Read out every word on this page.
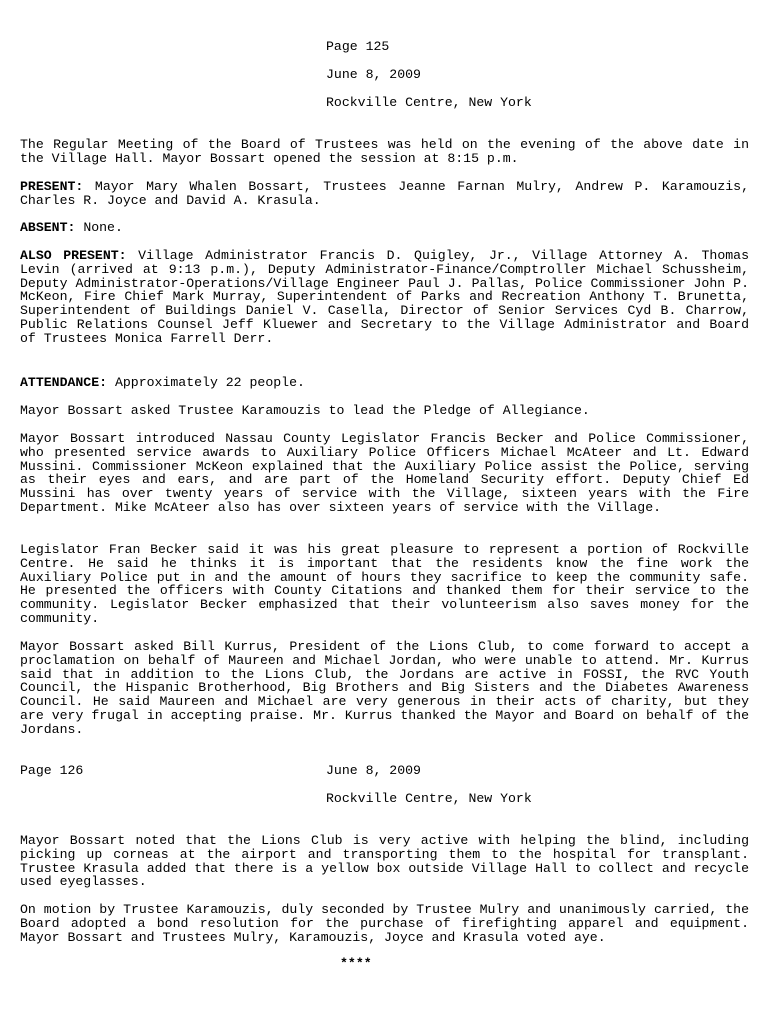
Page 125
June 8, 2009
Rockville Centre, New York

The Regular Meeting of the Board of Trustees was held on the evening of the above date in the Village Hall. Mayor Bossart opened the session at 8:15 p.m.

PRESENT: Mayor Mary Whalen Bossart, Trustees Jeanne Farnan Mulry, Andrew P. Karamouzis, Charles R. Joyce and David A. Krasula.

ABSENT: None.

ALSO PRESENT: Village Administrator Francis D. Quigley, Jr., Village Attorney A. Thomas Levin (arrived at 9:13 p.m.), Deputy Administrator-Finance/Comptroller Michael Schussheim, Deputy Administrator-Operations/Village Engineer Paul J. Pallas, Police Commissioner John P. McKeon, Fire Chief Mark Murray, Superintendent of Parks and Recreation Anthony T. Brunetta, Superintendent of Buildings Daniel V. Casella, Director of Senior Services Cyd B. Charrow, Public Relations Counsel Jeff Kluewer and Secretary to the Village Administrator and Board of Trustees Monica Farrell Derr.

ATTENDANCE: Approximately 22 people.

Mayor Bossart asked Trustee Karamouzis to lead the Pledge of Allegiance.

Mayor Bossart introduced Nassau County Legislator Francis Becker and Police Commissioner, who presented service awards to Auxiliary Police Officers Michael McAteer and Lt. Edward Mussini. Commissioner McKeon explained that the Auxiliary Police assist the Police, serving as their eyes and ears, and are part of the Homeland Security effort. Deputy Chief Ed Mussini has over twenty years of service with the Village, sixteen years with the Fire Department. Mike McAteer also has over sixteen years of service with the Village.

Legislator Fran Becker said it was his great pleasure to represent a portion of Rockville Centre. He said he thinks it is important that the residents know the fine work the Auxiliary Police put in and the amount of hours they sacrifice to keep the community safe. He presented the officers with County Citations and thanked them for their service to the community. Legislator Becker emphasized that their volunteerism also saves money for the community.

Mayor Bossart asked Bill Kurrus, President of the Lions Club, to come forward to accept a proclamation on behalf of Maureen and Michael Jordan, who were unable to attend. Mr. Kurrus said that in addition to the Lions Club, the Jordans are active in FOSSI, the RVC Youth Council, the Hispanic Brotherhood, Big Brothers and Big Sisters and the Diabetes Awareness Council. He said Maureen and Michael are very generous in their acts of charity, but they are very frugal in accepting praise. Mr. Kurrus thanked the Mayor and Board on behalf of the Jordans.

Page 126	June 8, 2009
Rockville Centre, New York

Mayor Bossart noted that the Lions Club is very active with helping the blind, including picking up corneas at the airport and transporting them to the hospital for transplant. Trustee Krasula added that there is a yellow box outside Village Hall to collect and recycle used eyeglasses.

On motion by Trustee Karamouzis, duly seconded by Trustee Mulry and unanimously carried, the Board adopted a bond resolution for the purchase of firefighting apparel and equipment. Mayor Bossart and Trustees Mulry, Karamouzis, Joyce and Krasula voted aye.

****
